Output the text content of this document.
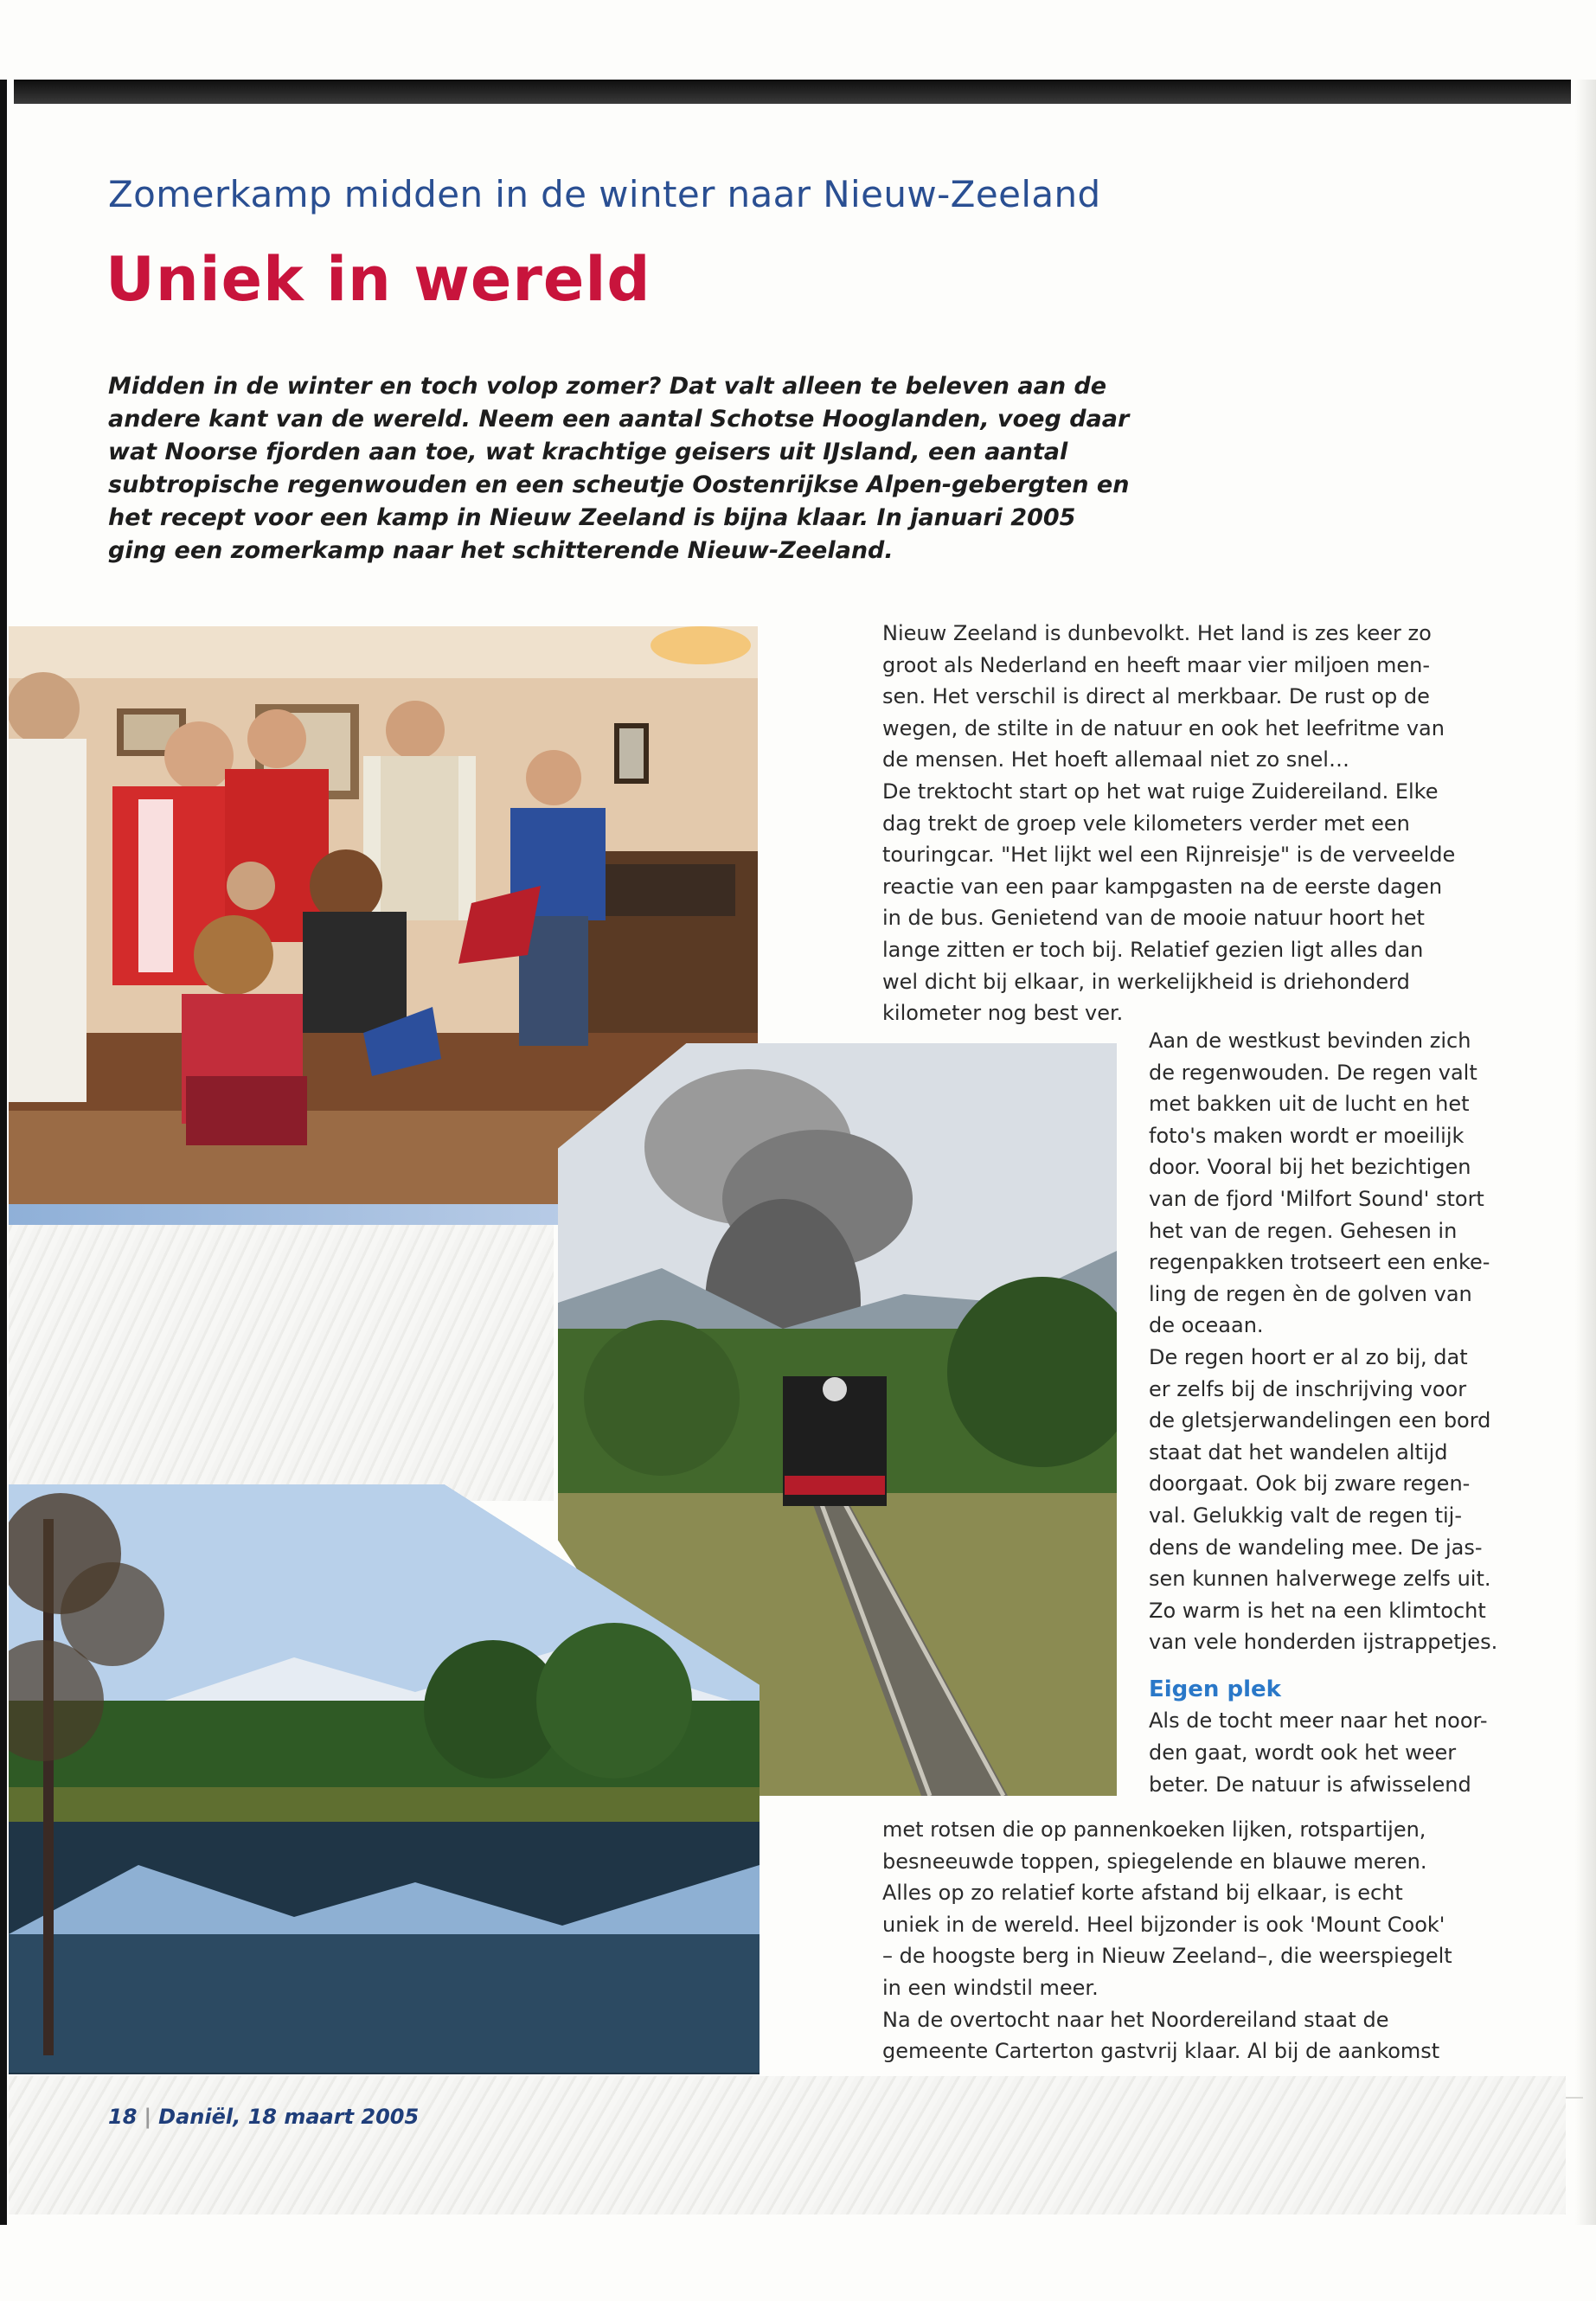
Zomerkamp midden in de winter naar Nieuw-Zeeland
Uniek in wereld
Midden in de winter en toch volop zomer? Dat valt alleen te beleven aan de
andere kant van de wereld. Neem een aantal Schotse Hooglanden, voeg daar
wat Noorse fjorden aan toe, wat krachtige geisers uit IJsland, een aantal
subtropische regenwouden en een scheutje Oostenrijkse Alpen-gebergten en
het recept voor een kamp in Nieuw Zeeland is bijna klaar. In januari 2005
ging een zomerkamp naar het schitterende Nieuw-Zeeland.
Nieuw Zeeland is dunbevolkt. Het land is zes keer zo
groot als Nederland en heeft maar vier miljoen men-
sen. Het verschil is direct al merkbaar. De rust op de
wegen, de stilte in de natuur en ook het leefritme van
de mensen. Het hoeft allemaal niet zo snel…
De trektocht start op het wat ruige Zuidereiland. Elke
dag trekt de groep vele kilometers verder met een
touringcar. "Het lijkt wel een Rijnreisje" is de verveelde
reactie van een paar kampgasten na de eerste dagen
in de bus. Genietend van de mooie natuur hoort het
lange zitten er toch bij. Relatief gezien ligt alles dan
wel dicht bij elkaar, in werkelijkheid is driehonderd
kilometer nog best ver.
Aan de westkust bevinden zich
de regenwouden. De regen valt
met bakken uit de lucht en het
foto's maken wordt er moeilijk
door. Vooral bij het bezichtigen
van de fjord 'Milfort Sound' stort
het van de regen. Gehesen in
regenpakken trotseert een enke-
ling de regen èn de golven van
de oceaan.
De regen hoort er al zo bij, dat
er zelfs bij de inschrijving voor
de gletsjerwandelingen een bord
staat dat het wandelen altijd
doorgaat. Ook bij zware regen-
val. Gelukkig valt de regen tij-
dens de wandeling mee. De jas-
sen kunnen halverwege zelfs uit.
Zo warm is het na een klimtocht
van vele honderden ijstrappetjes.
Eigen plek
Als de tocht meer naar het noor-
den gaat, wordt ook het weer
beter. De natuur is afwisselend
met rotsen die op pannenkoeken lijken, rotspartijen,
besneeuwde toppen, spiegelende en blauwe meren.
Alles op zo relatief korte afstand bij elkaar, is echt
uniek in de wereld. Heel bijzonder is ook 'Mount Cook'
– de hoogste berg in Nieuw Zeeland–, die weerspiegelt
in een windstil meer.
Na de overtocht naar het Noordereiland staat de
gemeente Carterton gastvrij klaar. Al bij de aankomst
18 | Daniël, 18 maart 2005
